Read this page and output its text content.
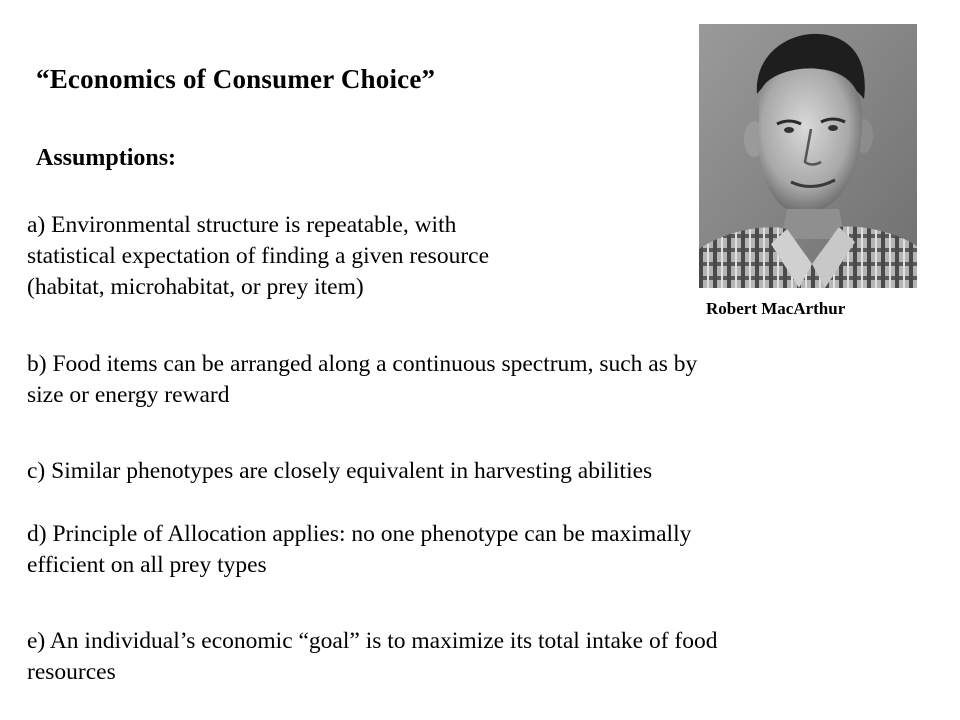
“Economics of Consumer Choice”
Assumptions:
a) Environmental structure is repeatable, with
statistical expectation of finding a given resource
(habitat, microhabitat, or prey item)
b) Food items can be arranged along a continuous spectrum, such as by
size or energy reward
c) Similar phenotypes are closely equivalent in harvesting abilities
d) Principle of Allocation applies: no one phenotype can be maximally
efficient on all prey types
e) An individual’s economic “goal” is to maximize its total intake of food
resources
Robert MacArthur
